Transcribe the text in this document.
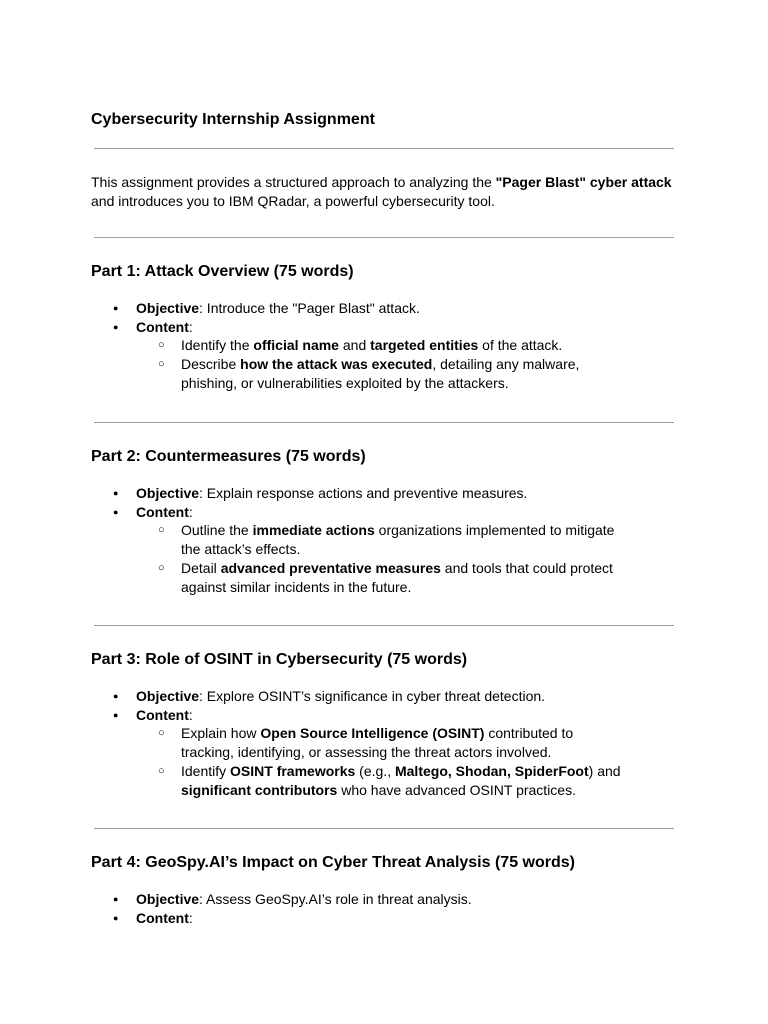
Cybersecurity Internship Assignment

This assignment provides a structured approach to analyzing the "Pager Blast" cyber attack and introduces you to IBM QRadar, a powerful cybersecurity tool.

Part 1: Attack Overview (75 words)
● Objective: Introduce the "Pager Blast" attack.
● Content:
○ Identify the official name and targeted entities of the attack.
○ Describe how the attack was executed, detailing any malware, phishing, or vulnerabilities exploited by the attackers.
Part 2: Countermeasures (75 words)
● Objective: Explain response actions and preventive measures.
● Content:
○ Outline the immediate actions organizations implemented to mitigate the attack’s effects.
○ Detail advanced preventative measures and tools that could protect against similar incidents in the future.
Part 3: Role of OSINT in Cybersecurity (75 words)
● Objective: Explore OSINT’s significance in cyber threat detection.
● Content:
○ Explain how Open Source Intelligence (OSINT) contributed to tracking, identifying, or assessing the threat actors involved.
○ Identify OSINT frameworks (e.g., Maltego, Shodan, SpiderFoot) and significant contributors who have advanced OSINT practices.
Part 4: GeoSpy.AI’s Impact on Cyber Threat Analysis (75 words)
● Objective: Assess GeoSpy.AI’s role in threat analysis.
● Content:
